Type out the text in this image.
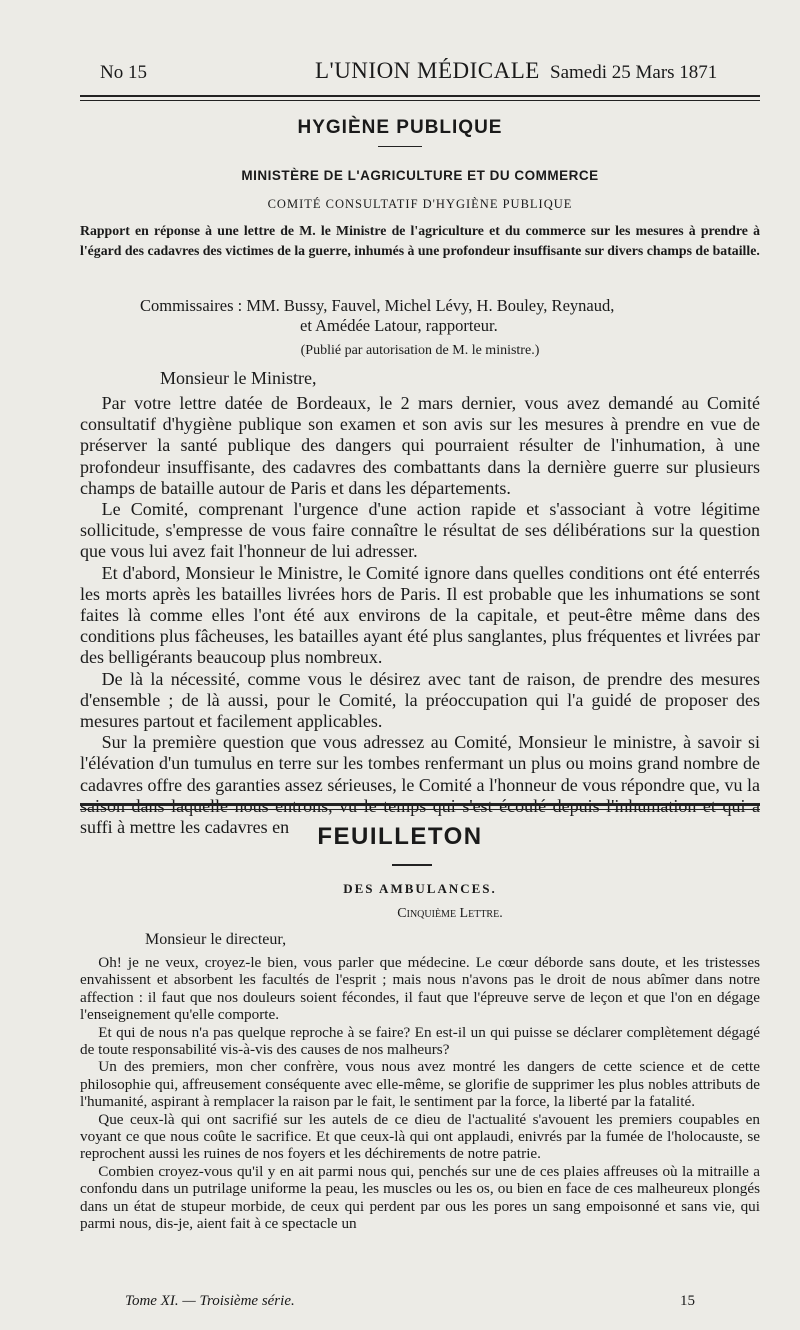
No 15	L'UNION MÉDICALE Samedi 25 Mars 1871
HYGIÈNE PUBLIQUE
MINISTÈRE DE L'AGRICULTURE ET DU COMMERCE
COMITÉ CONSULTATIF D'HYGIÈNE PUBLIQUE

Rapport en réponse à une lettre de M. le Ministre de l'agriculture et du commerce sur les mesures à prendre à l'égard des cadavres des victimes de la guerre, inhumés à une profondeur insuffisante sur divers champs de bataille.

Commissaires : MM. Bussy, Fauvel, Michel Lévy, H. Bouley, Reynaud,
et Amédée Latour, rapporteur.
(Publié par autorisation de M. le ministre.)
Monsieur le Ministre,

Par votre lettre datée de Bordeaux, le 2 mars dernier, vous avez demandé au Comité consultatif d'hygiène publique son examen et son avis sur les mesures à prendre en vue de préserver la santé publique des dangers qui pourraient résulter de l'inhumation, à une profondeur insuffisante, des cadavres des combattants dans la dernière guerre sur plusieurs champs de bataille autour de Paris et dans les départements.

Le Comité, comprenant l'urgence d'une action rapide et s'associant à votre légitime sollicitude, s'empresse de vous faire connaître le résultat de ses délibérations sur la question que vous lui avez fait l'honneur de lui adresser.

Et d'abord, Monsieur le Ministre, le Comité ignore dans quelles conditions ont été enterrés les morts après les batailles livrées hors de Paris. Il est probable que les inhumations se sont faites là comme elles l'ont été aux environs de la capitale, et peut-être même dans des conditions plus fâcheuses, les batailles ayant été plus sanglantes, plus fréquentes et livrées par des belligérants beaucoup plus nombreux.

De là la nécessité, comme vous le désirez avec tant de raison, de prendre des mesures d'ensemble ; de là aussi, pour le Comité, la préoccupation qui l'a guidé de proposer des mesures partout et facilement applicables.

Sur la première question que vous adressez au Comité, Monsieur le ministre, à savoir si l'élévation d'un tumulus en terre sur les tombes renfermant un plus ou moins grand nombre de cadavres offre des garanties assez sérieuses, le Comité a l'honneur de vous répondre que, vu la suffi à mettre les cadavres en	FEUILLETON
DES AMBULANCES.
Cinquième Lettre.
Monsieur le directeur,

Oh! je ne veux, croyez-le bien, vous parler que médecine. Le cœur déborde sans doute, et les tristesses envahissent et absorbent les facultés de l'esprit ; mais nous n'avons pas le droit de nous abîmer dans notre affection : il faut que nos douleurs soient fécondes, il faut que l'épreuve serve de leçon et que l'on en dégage l'enseignement qu'elle comporte.

Et qui de nous n'a pas quelque reproche à se faire? En est-il un qui puisse se déclarer complètement dégagé de toute responsabilité vis-à-vis des causes de nos malheurs?

Un des premiers, mon cher confrère, vous nous avez montré les dangers de cette science et de cette philosophie qui, affreusement conséquente avec elle-même, se glorifie de supprimer les plus nobles attributs de l'humanité, aspirant à remplacer la raison par le fait, le sentiment par la force, la liberté par la fatalité.

Que ceux-là qui ont sacrifié sur les autels de ce dieu de l'actualité s'avouent les premiers coupables en voyant ce que nous coûte le sacrifice. Et que ceux-là qui ont applaudi, enivrés par la fumée de l'holocauste, se reprochent aussi les ruines de nos foyers et les déchirements de notre patrie.

Combien croyez-vous qu'il y en ait parmi nous qui, penchés sur une de ces plaies affreuses où la mitraille a confondu dans un putrilage uniforme la peau, les muscles ou les os, ou bien en face de ces malheureux plongés dans un état de stupeur morbide, de ceux qui perdent par ous les pores un sang empoisonné et sans vie, qui parmi nous, dis-je, aient fait à ce spectacle un

Tome XI. — Troisième série.	15
